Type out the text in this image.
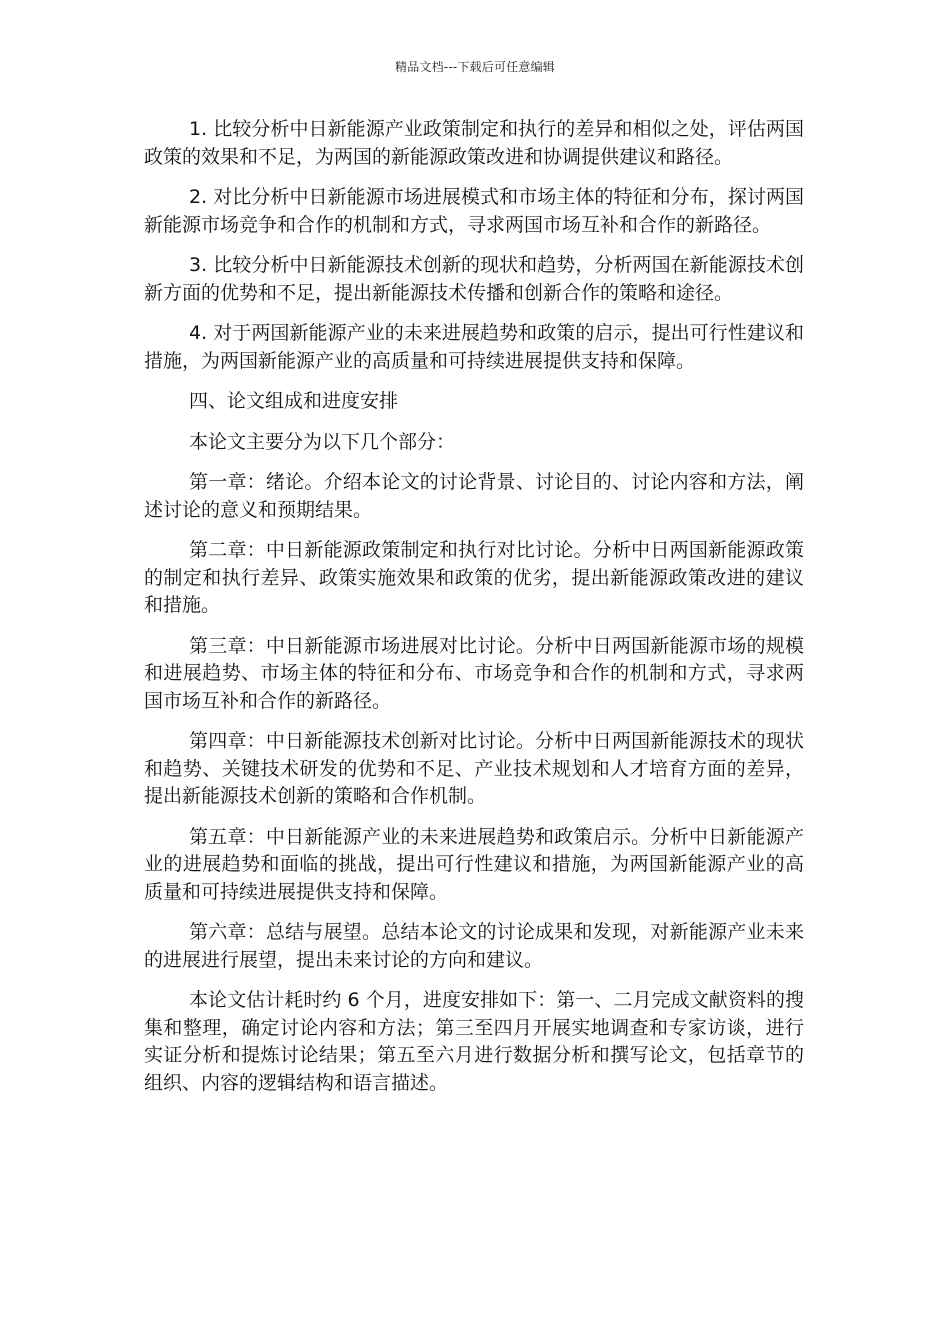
精品文档---下载后可任意编辑

1. 比较分析中日新能源产业政策制定和执行的差异和相似之处，评估两国政策的效果和不足，为两国的新能源政策改进和协调提供建议和路径。

2. 对比分析中日新能源市场进展模式和市场主体的特征和分布，探讨两国新能源市场竞争和合作的机制和方式，寻求两国市场互补和合作的新路径。

3. 比较分析中日新能源技术创新的现状和趋势，分析两国在新能源技术创新方面的优势和不足，提出新能源技术传播和创新合作的策略和途径。

4. 对于两国新能源产业的未来进展趋势和政策的启示，提出可行性建议和措施，为两国新能源产业的高质量和可持续进展提供支持和保障。

四、论文组成和进度安排

本论文主要分为以下几个部分：

第一章：绪论。介绍本论文的讨论背景、讨论目的、讨论内容和方法，阐述讨论的意义和预期结果。

第二章：中日新能源政策制定和执行对比讨论。分析中日两国新能源政策的制定和执行差异、政策实施效果和政策的优劣，提出新能源政策改进的建议和措施。

第三章：中日新能源市场进展对比讨论。分析中日两国新能源市场的规模和进展趋势、市场主体的特征和分布、市场竞争和合作的机制和方式，寻求两国市场互补和合作的新路径。

第四章：中日新能源技术创新对比讨论。分析中日两国新能源技术的现状和趋势、关键技术研发的优势和不足、产业技术规划和人才培育方面的差异，提出新能源技术创新的策略和合作机制。

第五章：中日新能源产业的未来进展趋势和政策启示。分析中日新能源产业的进展趋势和面临的挑战，提出可行性建议和措施，为两国新能源产业的高质量和可持续进展提供支持和保障。

第六章：总结与展望。总结本论文的讨论成果和发现，对新能源产业未来的进展进行展望，提出未来讨论的方向和建议。

本论文估计耗时约 6 个月，进度安排如下：第一、二月完成文献资料的搜集和整理，确定讨论内容和方法；第三至四月开展实地调查和专家访谈，进行实证分析和提炼讨论结果；第五至六月进行数据分析和撰写论文，包括章节的组织、内容的逻辑结构和语言描述。
